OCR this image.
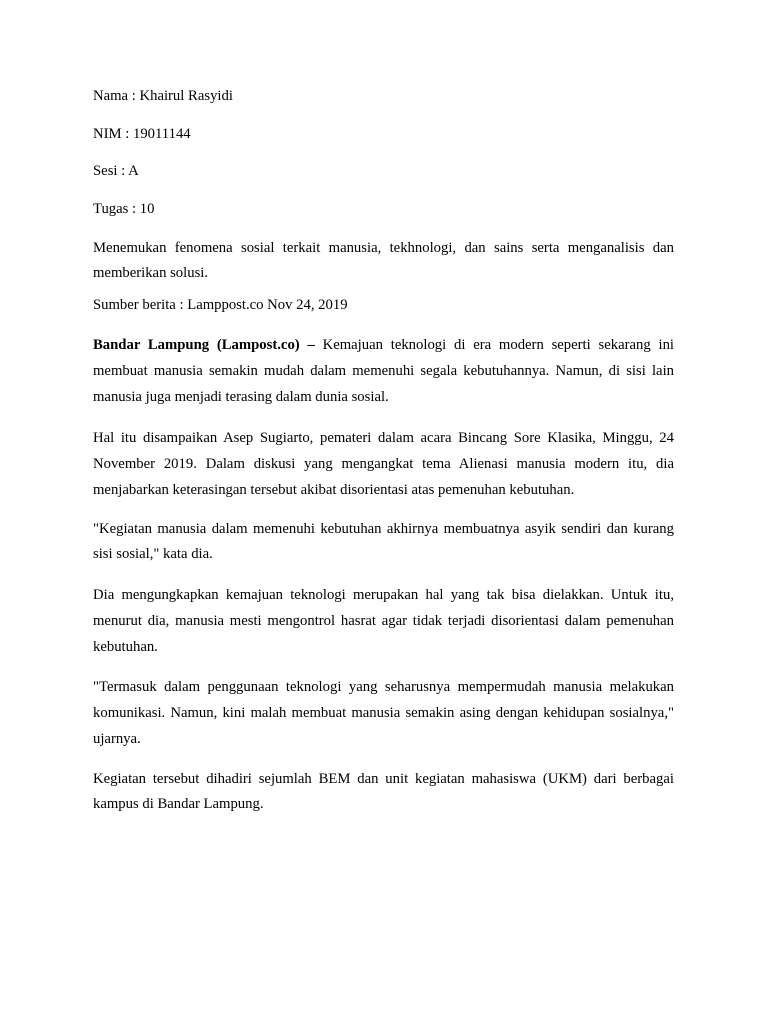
Nama : Khairul Rasyidi

NIM : 19011144

Sesi : A

Tugas : 10

Menemukan fenomena sosial terkait manusia, tekhnologi, dan sains serta menganalisis dan memberikan solusi.

Sumber berita : Lamppost.co Nov 24, 2019

Bandar Lampung (Lampost.co) – Kemajuan teknologi di era modern seperti sekarang ini membuat manusia semakin mudah dalam memenuhi segala kebutuhannya. Namun, di sisi lain manusia juga menjadi terasing dalam dunia sosial.

Hal itu disampaikan Asep Sugiarto, pemateri dalam acara Bincang Sore Klasika, Minggu, 24 November 2019. Dalam diskusi yang mengangkat tema Alienasi manusia modern itu, dia menjabarkan keterasingan tersebut akibat disorientasi atas pemenuhan kebutuhan.

"Kegiatan manusia dalam memenuhi kebutuhan akhirnya membuatnya asyik sendiri dan kurang sisi sosial," kata dia.

Dia mengungkapkan kemajuan teknologi merupakan hal yang tak bisa dielakkan. Untuk itu, menurut dia, manusia mesti mengontrol hasrat agar tidak terjadi disorientasi dalam pemenuhan kebutuhan.

"Termasuk dalam penggunaan teknologi yang seharusnya mempermudah manusia melakukan komunikasi. Namun, kini malah membuat manusia semakin asing dengan kehidupan sosialnya," ujarnya.

Kegiatan tersebut dihadiri sejumlah BEM dan unit kegiatan mahasiswa (UKM) dari berbagai kampus di Bandar Lampung.
